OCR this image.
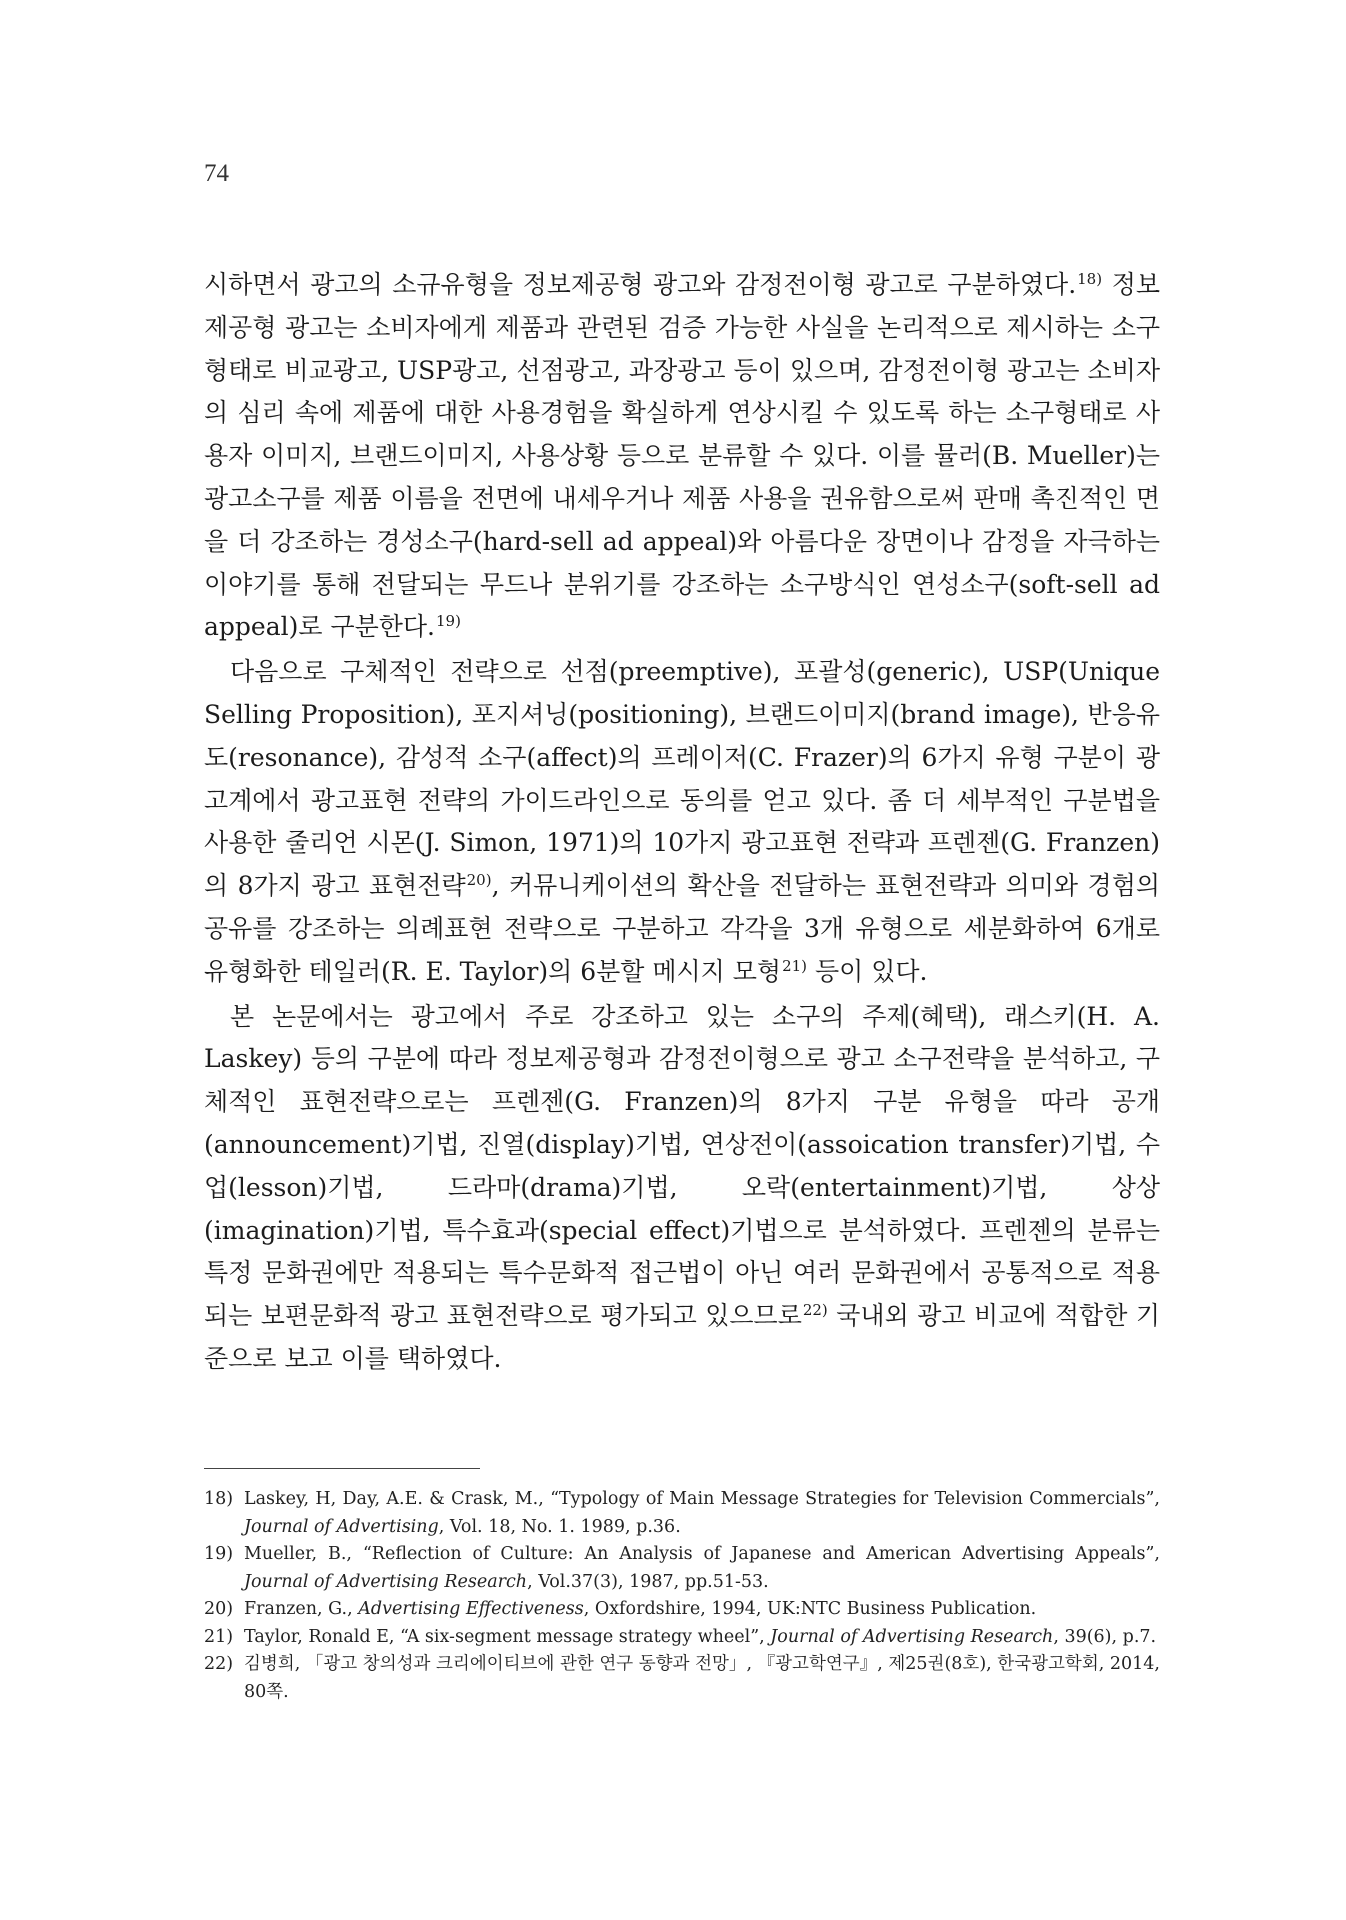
74

시하면서 광고의 소규유형을 정보제공형 광고와 감정전이형 광고로 구분하였다.$^{18)}$ 정보제공형 광고는 소비자에게 제품과 관련된 검증 가능한 사실을 논리적으로 제시하는 소구형태로 비교광고, USP광고, 선점광고, 과장광고 등이 있으며, 감정전이형 광고는 소비자의 심리 속에 제품에 대한 사용경험을 확실하게 연상시킬 수 있도록 하는 소구형태로 사용자 이미지, 브랜드이미지, 사용상황 등으로 분류할 수 있다. 이를 뮬러(B. Mueller)는 광고소구를 제품 이름을 전면에 내세우거나 제품 사용을 권유함으로써 판매 촉진적인 면을 더 강조하는 경성소구(hard-sell ad appeal)와 아름다운 장면이나 감정을 자극하는 이야기를 통해 전달되는 무드나 분위기를 강조하는 소구방식인 연성소구(soft-sell ad appeal)로 구분한다.$^{19)}$

다음으로 구체적인 전략으로 선점(preemptive), 포괄성(generic), USP(Unique Selling Proposition), 포지셔닝(positioning), 브랜드이미지(brand image), 반응유도(resonance), 감성적 소구(affect)의 프레이저(C. Frazer)의 6가지 유형 구분이 광고계에서 광고표현 전략의 가이드라인으로 동의를 얻고 있다. 좀 더 세부적인 구분법을 사용한 줄리언 시몬(J. Simon, 1971)의 10가지 광고표현 전략과 프렌젠(G. Franzen)의 8가지 광고 표현전략$^{20)}$, 커뮤니케이션의 확산을 전달하는 표현전략과 의미와 경험의 공유를 강조하는 의례표현 전략으로 구분하고 각각을 3개 유형으로 세분화하여 6개로 유형화한 테일러(R. E. Taylor)의 6분할 메시지 모형$^{21)}$ 등이 있다.

본 논문에서는 광고에서 주로 강조하고 있는 소구의 주제(혜택), 래스키(H. A. Laskey) 등의 구분에 따라 정보제공형과 감정전이형으로 광고 소구전략을 분석하고, 구체적인 표현전략으로는 프렌젠(G. Franzen)의 8가지 구분 유형을 따라 공개(announcement)기법, 진열(display)기법, 연상전이(assoication transfer)기법, 수업(lesson)기법, 드라마(drama)기법, 오락(entertainment)기법, 상상(imagination)기법, 특수효과(special effect)기법으로 분석하였다. 프렌젠의 분류는 특정 문화권에만 적용되는 특수문화적 접근법이 아닌 여러 문화권에서 공통적으로 적용되는 보편문화적 광고 표현전략으로 평가되고 있으므로$^{22)}$ 국내외 광고 비교에 적합한 기준으로 보고 이를 택하였다.

18) Laskey, H, Day, A.E. & Crask, M., “Typology of Main Message Strategies for Television Commercials”, Journal of Advertising, Vol. 18, No. 1. 1989, p.36.
19) Mueller, B., “Reflection of Culture: An Analysis of Japanese and American Advertising Appeals”, Journal of Advertising Research, Vol.37(3), 1987, pp.51-53.
20) Franzen, G., Advertising Effectiveness, Oxfordshire, 1994, UK:NTC Business Publication.
21) Taylor, Ronald E, “A six-segment message strategy wheel”, Journal of Advertising Research, 39(6), p.7.
22) 김병희, 「광고 창의성과 크리에이티브에 관한 연구 동향과 전망」, 『광고학연구』, 제25권(8호), 한국광고학회, 2014, 80쪽.
